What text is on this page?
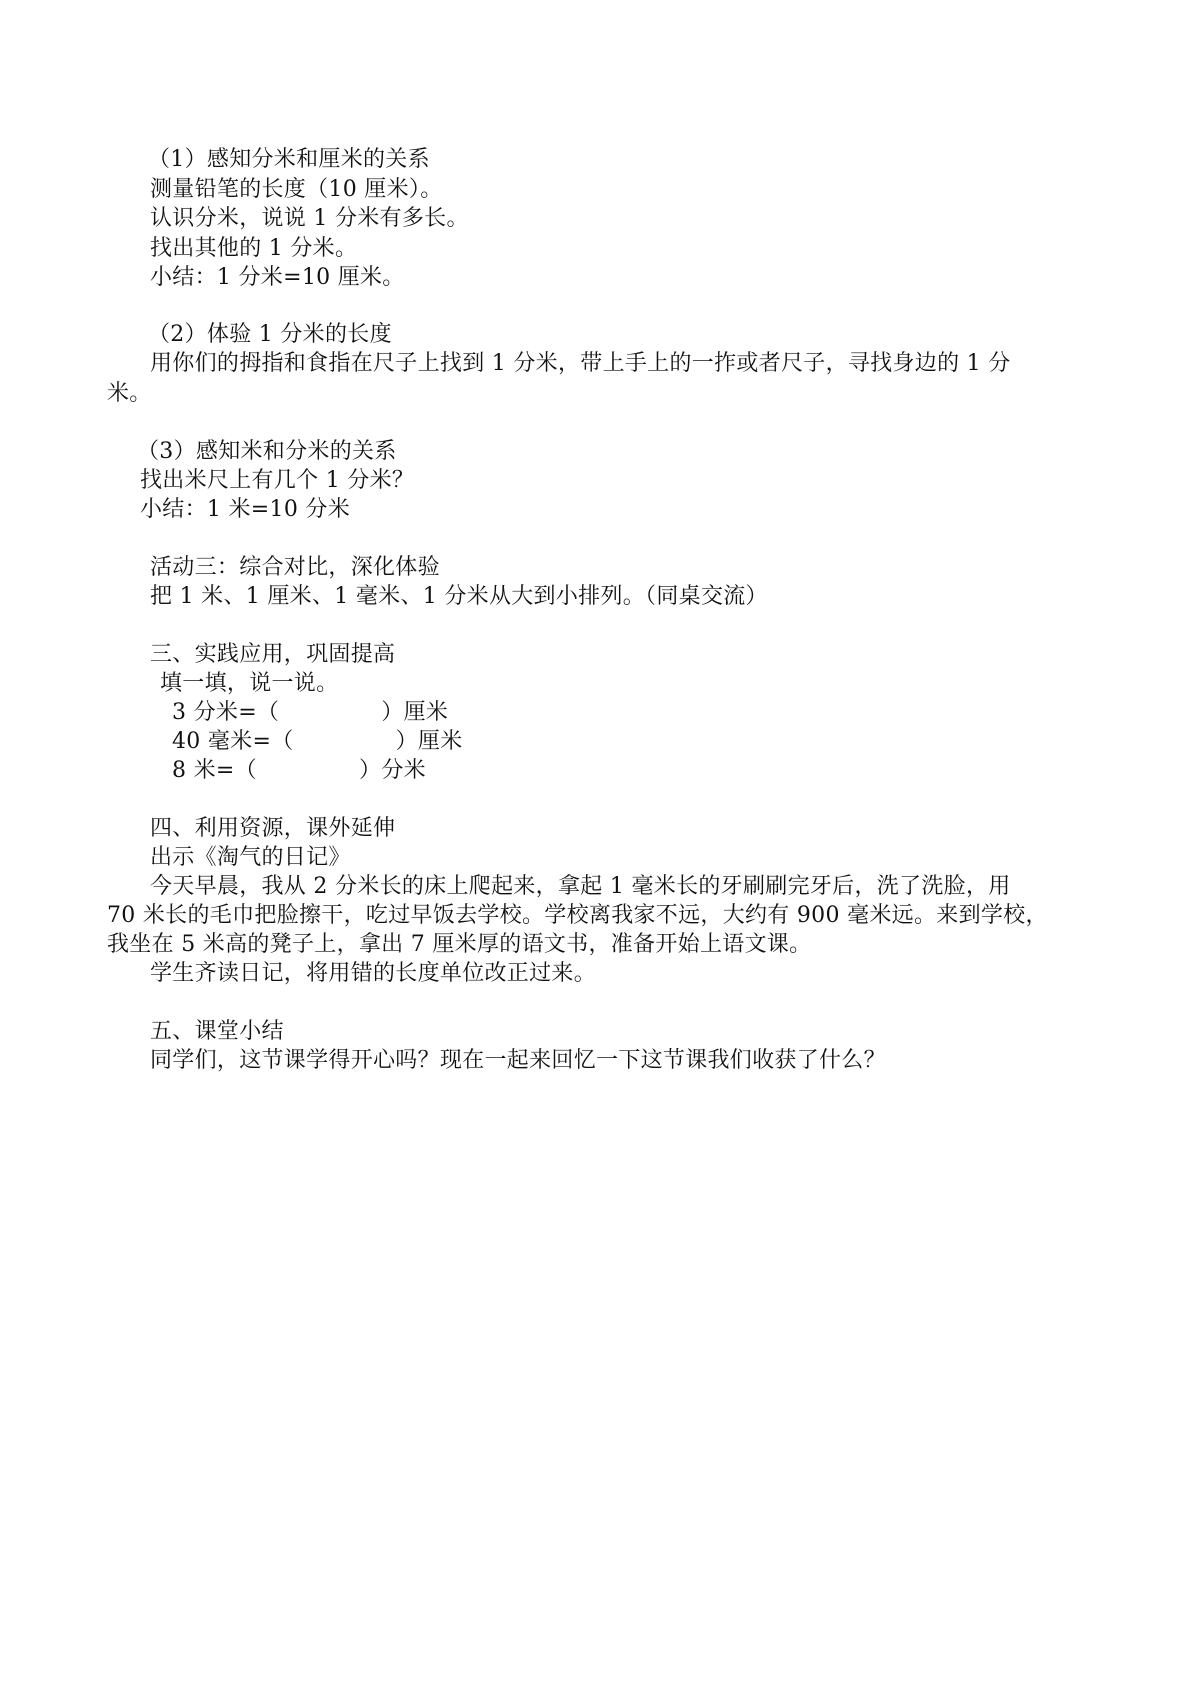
（1）感知分米和厘米的关系
测量铅笔的长度（10 厘米）。
认识分米，说说 1 分米有多长。
找出其他的 1 分米。
小结：1 分米=10 厘米。
（2）体验 1 分米的长度
用你们的拇指和食指在尺子上找到 1 分米，带上手上的一拃或者尺子，寻找身边的 1 分
米。
（3）感知米和分米的关系
找出米尺上有几个 1 分米？
小结：1 米=10 分米
活动三：综合对比，深化体验
把 1 米、1 厘米、1 毫米、1 分米从大到小排列。（同桌交流）
三、实践应用，巩固提高
填一填，说一说。
3 分米=（              ）厘米
40 毫米=（              ）厘米
8 米=（              ）分米
四、利用资源，课外延伸
出示《淘气的日记》
今天早晨，我从 2 分米长的床上爬起来，拿起 1 毫米长的牙刷刷完牙后，洗了洗脸，用
70 米长的毛巾把脸擦干，吃过早饭去学校。学校离我家不远，大约有 900 毫米远。来到学校，
我坐在 5 米高的凳子上，拿出 7 厘米厚的语文书，准备开始上语文课。
学生齐读日记，将用错的长度单位改正过来。
五、课堂小结
同学们，这节课学得开心吗？现在一起来回忆一下这节课我们收获了什么？
